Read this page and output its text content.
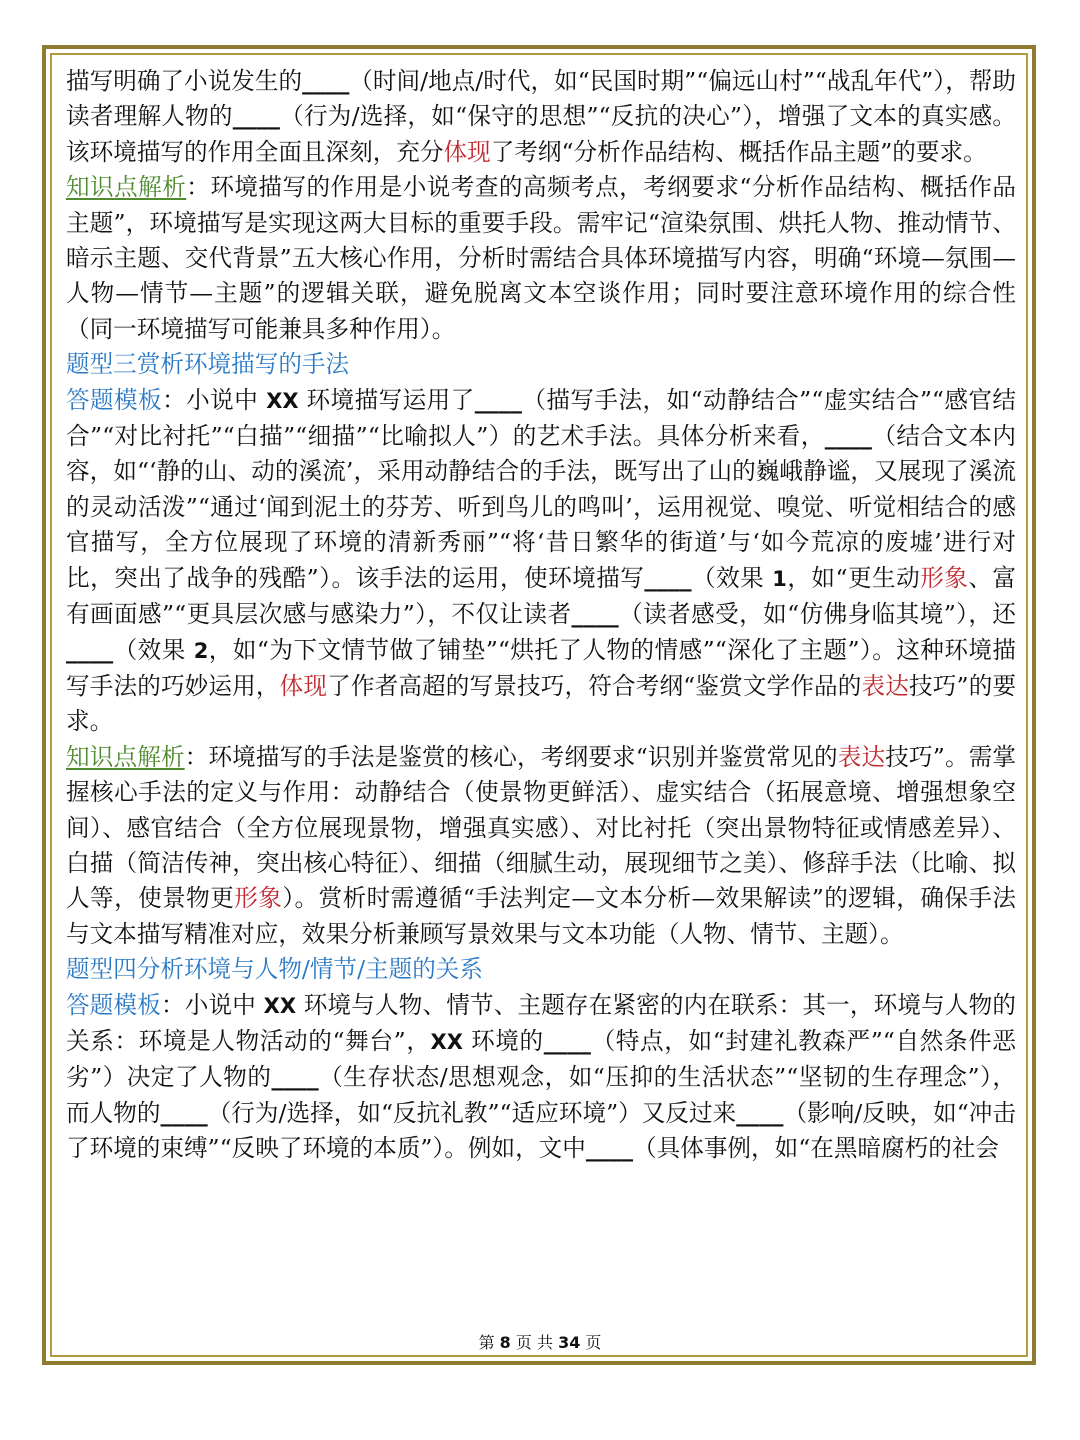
描写明确了小说发生的____（时间/地点/时代，如“民国时期”“偏远山村”“战乱年代”），帮助读者理解人物的____（行为/选择，如“保守的思想”“反抗的决心”），增强了文本的真实感。该环境描写的作用全面且深刻，充分体现了考纲“分析作品结构、概括作品主题”的要求。

知识点解析：环境描写的作用是小说考查的高频考点，考纲要求“分析作品结构、概括作品主题”，环境描写是实现这两大目标的重要手段。需牢记“渲染氛围、烘托人物、推动情节、暗示主题、交代背景”五大核心作用，分析时需结合具体环境描写内容，明确“环境—氛围—人物—情节—主题”的逻辑关联，避免脱离文本空谈作用；同时要注意环境作用的综合性（同一环境描写可能兼具多种作用）。

题型三赏析环境描写的手法

答题模板：小说中 XX 环境描写运用了____（描写手法，如“动静结合”“虚实结合”“感官结合”“对比衬托”“白描”“细描”“比喻拟人”）的艺术手法。具体分析来看，____（结合文本内容，如“‘静的山、动的溪流’，采用动静结合的手法，既写出了山的巍峨静谧，又展现了溪流的灵动活泼”“通过‘闻到泥土的芬芳、听到鸟儿的鸣叫’，运用视觉、嗅觉、听觉相结合的感官描写，全方位展现了环境的清新秀丽”“将‘昔日繁华的街道’与‘如今荒凉的废墟’进行对比，突出了战争的残酷”）。该手法的运用，使环境描写____（效果 1，如“更生动形象、富有画面感”“更具层次感与感染力”），不仅让读者____（读者感受，如“仿佛身临其境”），还____（效果 2，如“为下文情节做了铺垫”“烘托了人物的情感”“深化了主题”）。这种环境描写手法的巧妙运用，体现了作者高超的写景技巧，符合考纲“鉴赏文学作品的表达技巧”的要求。

知识点解析：环境描写的手法是鉴赏的核心，考纲要求“识别并鉴赏常见的表达技巧”。需掌握核心手法的定义与作用：动静结合（使景物更鲜活）、虚实结合（拓展意境、增强想象空间）、感官结合（全方位展现景物，增强真实感）、对比衬托（突出景物特征或情感差异）、白描（简洁传神，突出核心特征）、细描（细腻生动，展现细节之美）、修辞手法（比喻、拟人等，使景物更形象）。赏析时需遵循“手法判定—文本分析—效果解读”的逻辑，确保手法与文本描写精准对应，效果分析兼顾写景效果与文本功能（人物、情节、主题）。

题型四分析环境与人物/情节/主题的关系

答题模板：小说中 XX 环境与人物、情节、主题存在紧密的内在联系：其一，环境与人物的关系：环境是人物活动的“舞台”，XX 环境的____（特点，如“封建礼教森严”“自然条件恶劣”）决定了人物的____（生存状态/思想观念，如“压抑的生活状态”“坚韧的生存理念”），而人物的____（行为/选择，如“反抗礼教”“适应环境”）又反过来____（影响/反映，如“冲击了环境的束缚”“反映了环境的本质”）。例如，文中____（具体事例，如“在黑暗腐朽的社会

第 8 页 共 34 页
